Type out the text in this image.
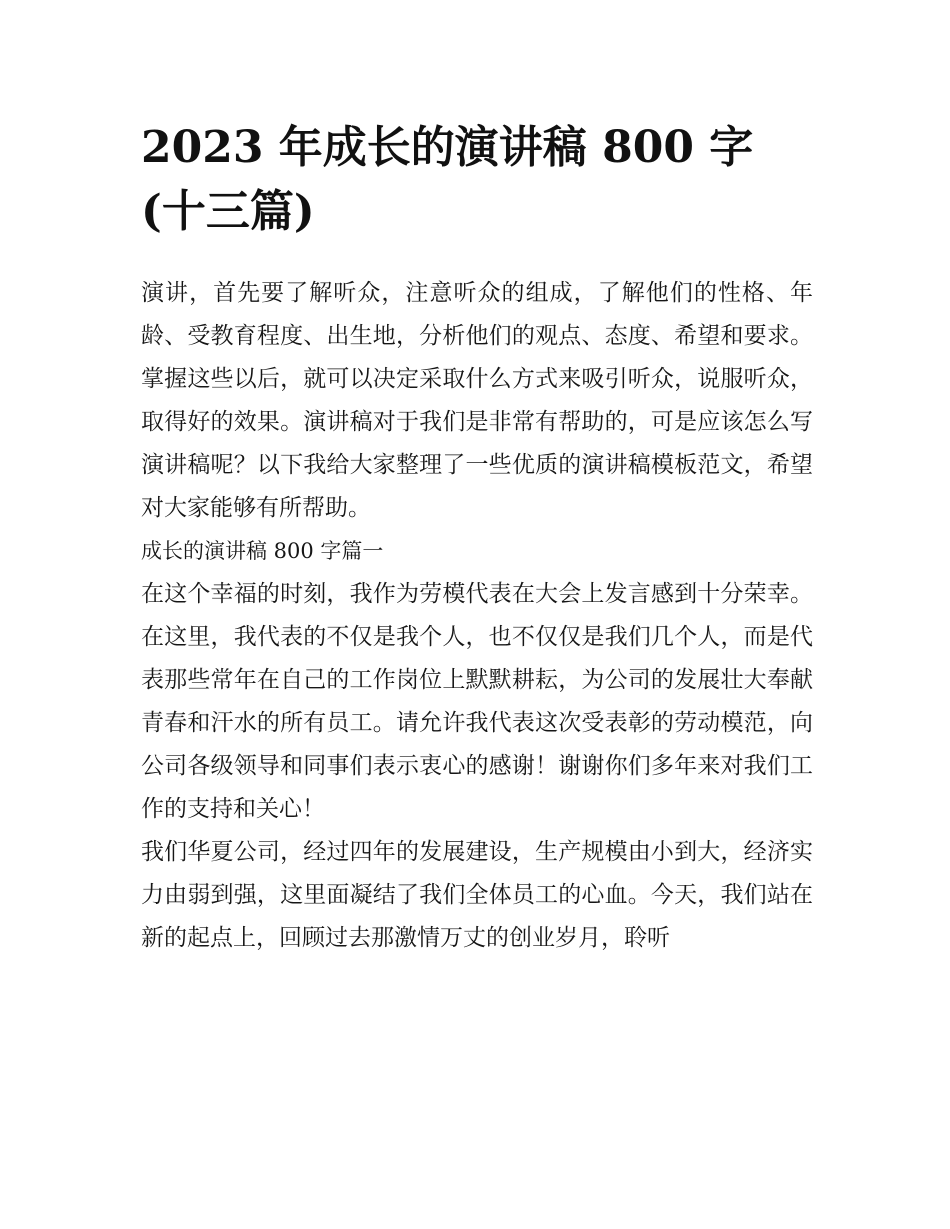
2023 年成长的演讲稿 800 字
(十三篇)

演讲，首先要了解听众，注意听众的组成，了解他们的性格、年龄、受教育程度、出生地，分析他们的观点、态度、希望和要求。掌握这些以后，就可以决定采取什么方式来吸引听众，说服听众，取得好的效果。演讲稿对于我们是非常有帮助的，可是应该怎么写演讲稿呢？以下我给大家整理了一些优质的演讲稿模板范文，希望对大家能够有所帮助。

成长的演讲稿 800 字篇一

在这个幸福的时刻，我作为劳模代表在大会上发言感到十分荣幸。在这里，我代表的不仅是我个人，也不仅仅是我们几个人，而是代表那些常年在自己的工作岗位上默默耕耘，为公司的发展壮大奉献青春和汗水的所有员工。请允许我代表这次受表彰的劳动模范，向公司各级领导和同事们表示衷心的感谢！谢谢你们多年来对我们工作的支持和关心！

我们华夏公司，经过四年的发展建设，生产规模由小到大，经济实力由弱到强，这里面凝结了我们全体员工的心血。今天，我们站在新的起点上，回顾过去那激情万丈的创业岁月，聆听
